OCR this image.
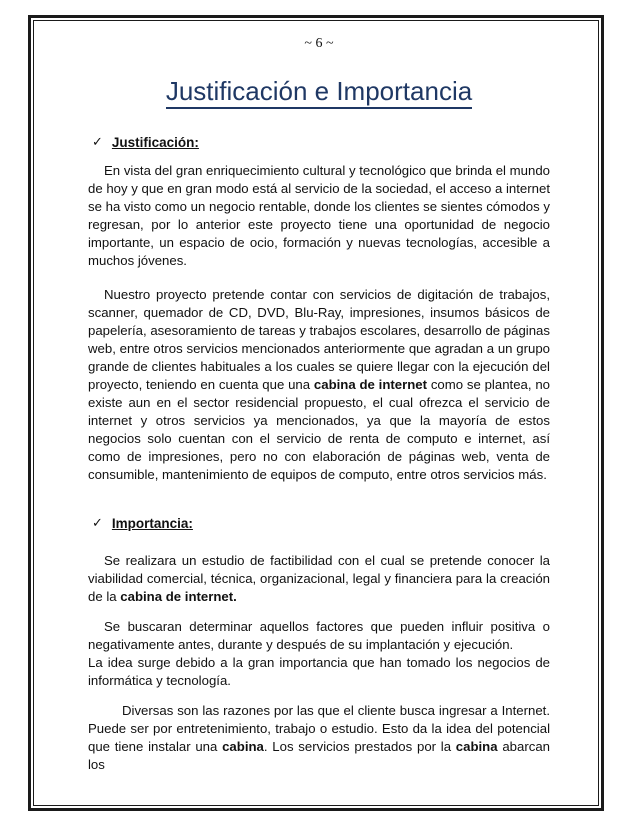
~ 6 ~
Justificación e Importancia
✓ Justificación:

En vista del gran enriquecimiento cultural y tecnológico que brinda el mundo de hoy y que en gran modo está al servicio de la sociedad, el acceso a internet se ha visto como un negocio rentable, donde los clientes se sientes cómodos y regresan, por lo anterior este proyecto tiene una oportunidad de negocio importante, un espacio de ocio, formación y nuevas tecnologías, accesible a muchos jóvenes.

Nuestro proyecto pretende contar con servicios de digitación de trabajos, scanner, quemador de CD, DVD, Blu-Ray, impresiones, insumos básicos de papelería, asesoramiento de tareas y trabajos escolares, desarrollo de páginas web, entre otros servicios mencionados anteriormente que agradan a un grupo grande de clientes habituales a los cuales se quiere llegar con la ejecución del proyecto, teniendo en cuenta que una cabina de internet como se plantea, no existe aun en el sector residencial propuesto, el cual ofrezca el servicio de internet y otros servicios ya mencionados, ya que la mayoría de estos negocios solo cuentan con el servicio de renta de computo e internet, así como de impresiones, pero no con elaboración de páginas web, venta de consumible, mantenimiento de equipos de computo, entre otros servicios más.

✓ Importancia:

Se realizara un estudio de factibilidad con el cual se pretende conocer la viabilidad comercial, técnica, organizacional, legal y financiera para la creación de la cabina de internet.

Se buscaran determinar aquellos factores que pueden influir positiva o negativamente antes, durante y después de su implantación y ejecución.
La idea surge debido a la gran importancia que han tomado los negocios de informática y tecnología.

Diversas son las razones por las que el cliente busca ingresar a Internet. Puede ser por entretenimiento, trabajo o estudio. Esto da la idea del potencial que tiene instalar una cabina. Los servicios prestados por la cabina abarcan los
